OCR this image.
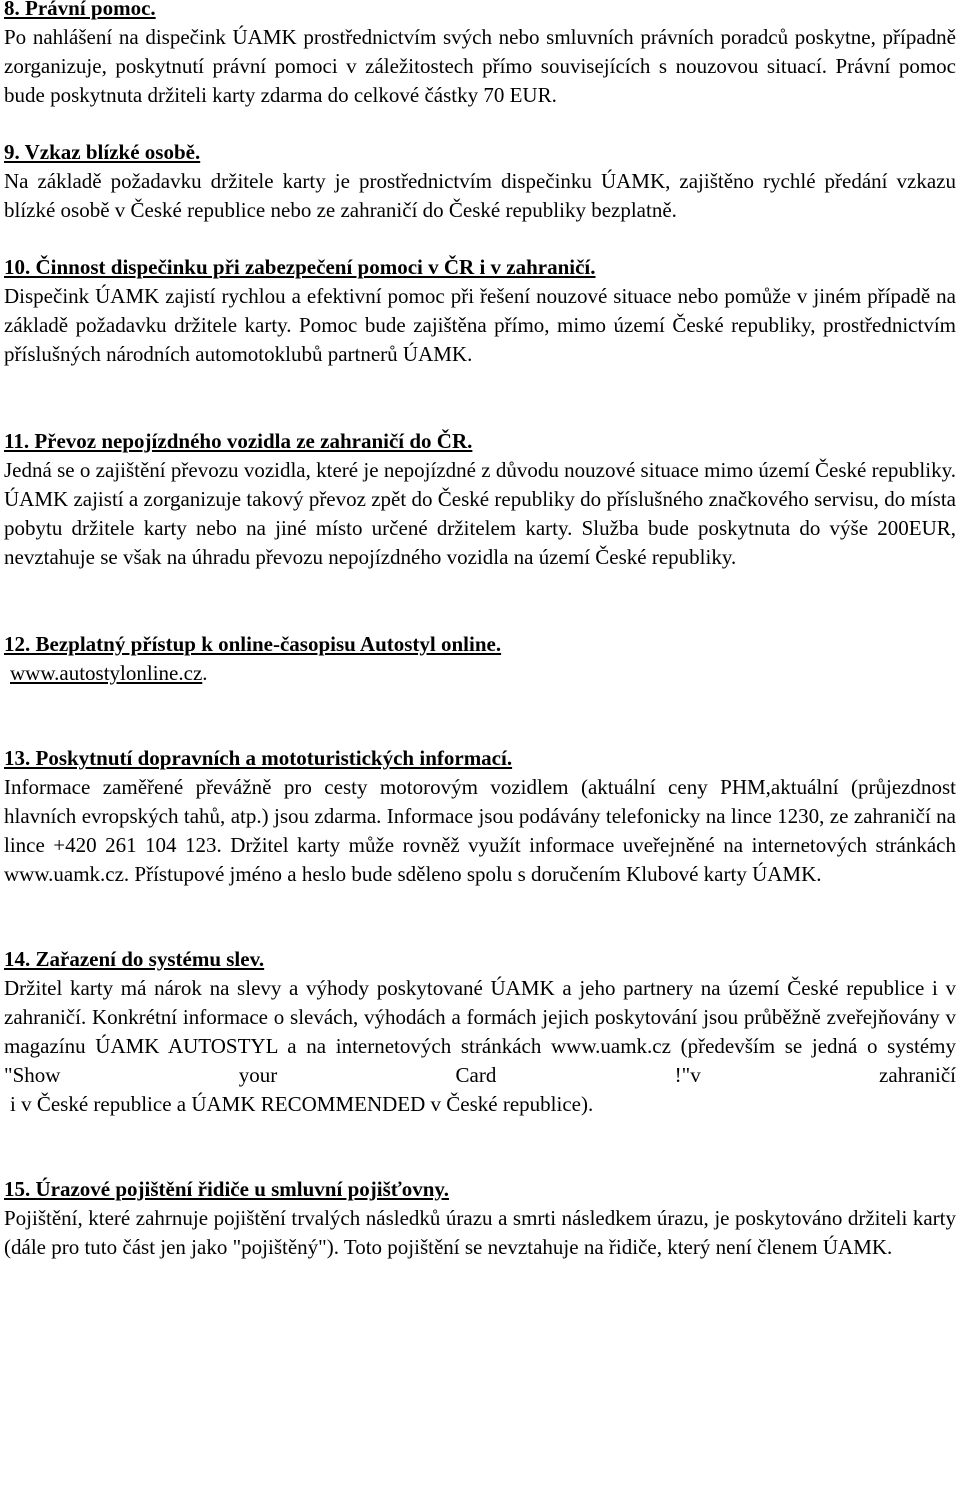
8. Právní pomoc.

Po nahlášení na dispečink ÚAMK prostřednictvím svých nebo smluvních právních poradců poskytne, případně zorganizuje, poskytnutí právní pomoci v záležitostech přímo souvisejících s nouzovou situací. Právní pomoc bude poskytnuta držiteli karty zdarma do celkové částky 70 EUR.

9. Vzkaz blízké osobě.

Na základě požadavku držitele karty je prostřednictvím dispečinku ÚAMK, zajištěno rychlé předání vzkazu blízké osobě v České republice nebo ze zahraničí do České republiky bezplatně.

10. Činnost dispečinku při zabezpečení pomoci v ČR i v zahraničí.

Dispečink ÚAMK zajistí rychlou a efektivní pomoc při řešení nouzové situace nebo pomůže v jiném případě na základě požadavku držitele karty. Pomoc bude zajištěna přímo, mimo území České republiky, prostřednictvím příslušných národních automotoklubů partnerů ÚAMK.

11. Převoz nepojízdného vozidla ze zahraničí do ČR.

Jedná se o zajištění převozu vozidla, které je nepojízdné z důvodu nouzové situace mimo území České republiky. ÚAMK zajistí a zorganizuje takový převoz zpět do České republiky do příslušného značkového servisu, do místa pobytu držitele karty nebo na jiné místo určené držitelem karty. Služba bude poskytnuta do výše 200EUR, nevztahuje se však na úhradu převozu nepojízdného vozidla na území České republiky.

12. Bezplatný přístup k online-časopisu Autostyl online.

www.autostylonline.cz.

13. Poskytnutí dopravních a mototuristických informací.

Informace zaměřené převážně pro cesty motorovým vozidlem (aktuální ceny PHM,aktuální (průjezdnost hlavních evropských tahů, atp.) jsou zdarma. Informace jsou podávány telefonicky na lince 1230, ze zahraničí na lince +420 261 104 123. Držitel karty může rovněž využít informace uveřejněné na internetových stránkách www.uamk.cz. Přístupové jméno a heslo bude sděleno spolu s doručením Klubové karty ÚAMK.

14. Zařazení do systému slev.

Držitel karty má nárok na slevy a výhody poskytované ÚAMK a jeho partnery na území České republice i v zahraničí. Konkrétní informace o slevách, výhodách a formách jejich poskytování jsou průběžně zveřejňovány v magazínu ÚAMK AUTOSTYL a na internetových stránkách www.uamk.cz (především se jedná o systémy "Show your Card !"v zahraničí

i v České republice a ÚAMK RECOMMENDED v České republice).

15. Úrazové pojištění řidiče u smluvní pojišťovny.

Pojištění, které zahrnuje pojištění trvalých následků úrazu a smrti následkem úrazu, je poskytováno držiteli karty (dále pro tuto část jen jako "pojištěný"). Toto pojištění se nevztahuje na řidiče, který není členem ÚAMK.
